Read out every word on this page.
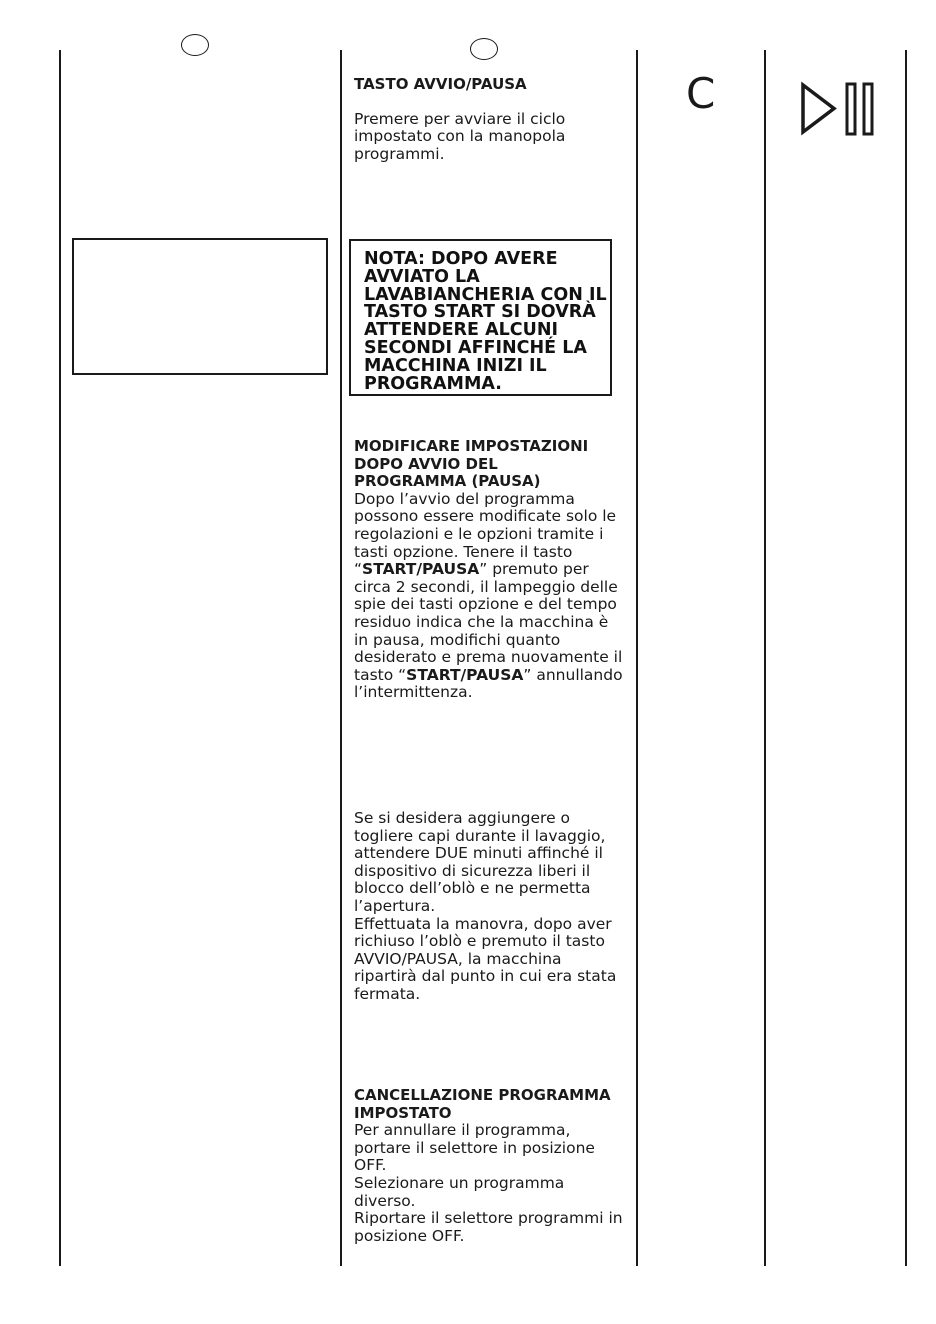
TASTO AVVIO/PAUSA
Premere per avviare il ciclo impostato con la manopola programmi.
NOTA: DOPO AVERE AVVIATO LA LAVABIANCHERIA CON IL TASTO START SI DOVRÀ ATTENDERE ALCUNI SECONDI AFFINCHÉ LA MACCHINA INIZI IL PROGRAMMA.
MODIFICARE IMPOSTAZIONI DOPO AVVIO DEL PROGRAMMA (PAUSA)
Dopo l’avvio del programma possono essere modificate solo le regolazioni e le opzioni tramite i tasti opzione. Tenere il tasto “START/PAUSA” premuto per circa 2 secondi, il lampeggio delle spie dei tasti opzione e del tempo residuo indica che la macchina è in pausa, modifichi quanto desiderato e prema nuovamente il tasto “START/PAUSA” annullando l’intermittenza.
Se si desidera aggiungere o togliere capi durante il lavaggio, attendere DUE minuti affinché il dispositivo di sicurezza liberi il blocco dell’oblò e ne permetta l’apertura.
Effettuata la manovra, dopo aver richiuso l’oblò e premuto il tasto AVVIO/PAUSA, la macchina ripartirà dal punto in cui era stata fermata.
CANCELLAZIONE PROGRAMMA IMPOSTATO
Per annullare il programma, portare il selettore in posizione OFF.
Selezionare un programma diverso.
Riportare il selettore programmi in posizione OFF.
C
